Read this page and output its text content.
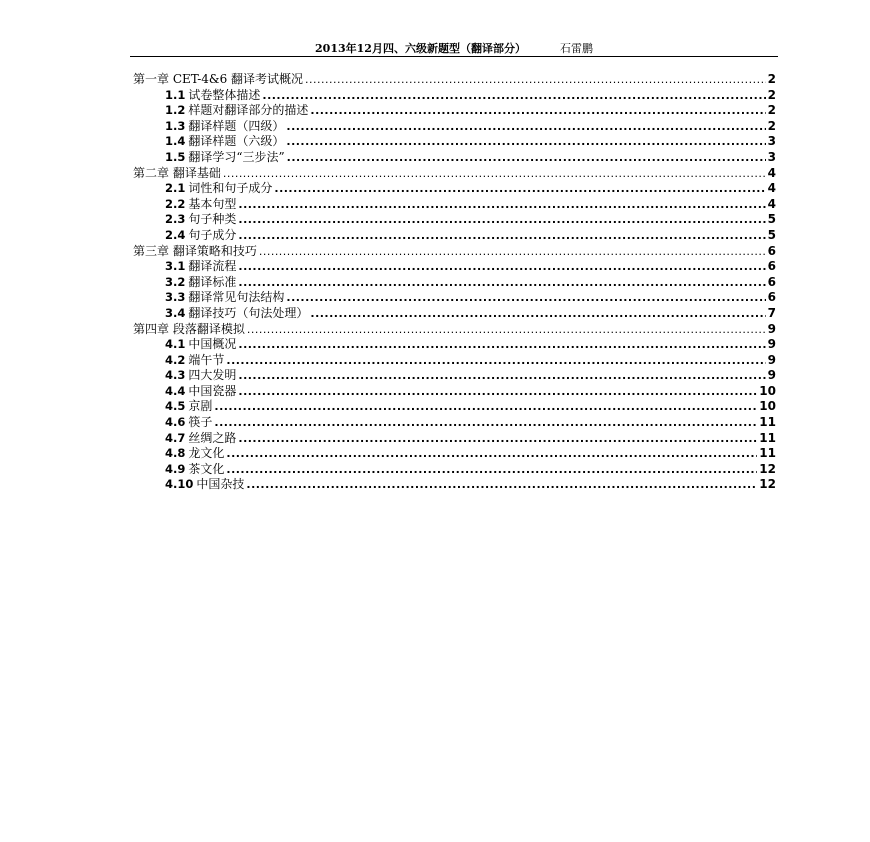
2013年12月四、六级新题型（翻译部分）	石雷鹏
第一章 CET-4&6 翻译考试概况 .....	2
1.1 试卷整体描述 .....	2
1.2 样题对翻译部分的描述 .....	2
1.3 翻译样题（四级） .....	2
1.4 翻译样题（六级） .....	3
1.5 翻译学习“三步法” .....	3
第二章 翻译基础 .....	4
2.1 词性和句子成分 .....	4
2.2 基本句型 .....	4
2.3 句子种类 .....	5
2.4 句子成分 .....	5
第三章 翻译策略和技巧 .....	6
3.1 翻译流程 .....	6
3.2 翻译标准 .....	6
3.3 翻译常见句法结构 .....	6
3.4 翻译技巧（句法处理） .....	7
第四章 段落翻译模拟 .....	9
4.1 中国概况 .....	9
4.2 端午节 .....	9
4.3 四大发明 .....	9
4.4 中国瓷器 .....	10
4.5 京剧 .....	10
4.6 筷子 .....	11
4.7 丝绸之路 .....	11
4.8 龙文化 .....	11
4.9 茶文化 .....	12
4.10 中国杂技 .....	12
